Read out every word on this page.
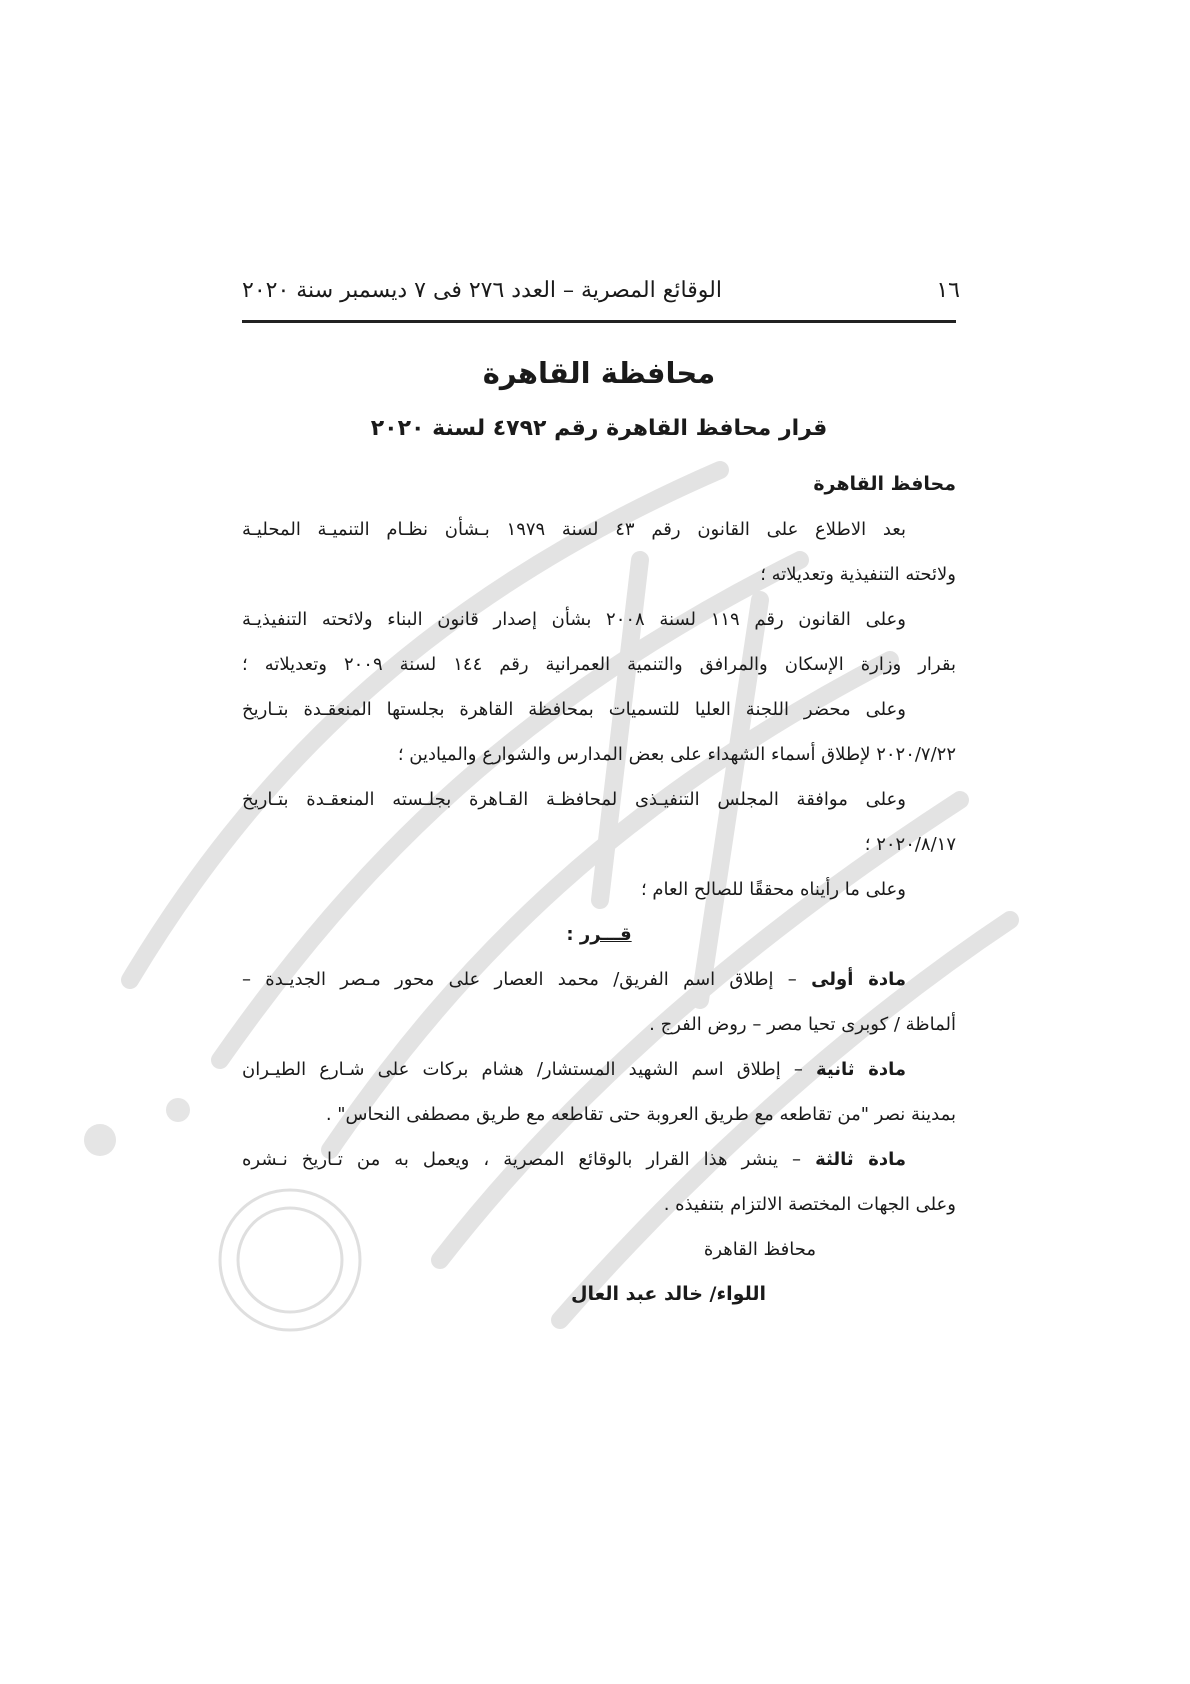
١٦
الوقائع المصرية – العدد ٢٧٦ فى ٧ ديسمبر سنة ٢٠٢٠
محافظة القاهرة
قرار محافظ القاهرة رقم ٤٧٩٢ لسنة ٢٠٢٠

محافظ القاهرة

بعد الاطلاع على القانون رقم ٤٣ لسنة ١٩٧٩ بـشأن نظـام التنميـة المحليـة

ولائحته التنفيذية وتعديلاته ؛

وعلى القانون رقم ١١٩ لسنة ٢٠٠٨ بشأن إصدار قانون البناء ولائحته التنفيذيـة

بقرار وزارة الإسكان والمرافق والتنمية العمرانية رقم ١٤٤ لسنة ٢٠٠٩ وتعديلاته ؛

وعلى محضر اللجنة العليا للتسميات بمحافظة القاهرة بجلستها المنعقـدة بتـاريخ

٢٠٢٠/٧/٢٢ لإطلاق أسماء الشهداء على بعض المدارس والشوارع والميادين ؛

وعلى موافقة المجلس التنفيـذى لمحافظـة القـاهرة بجلـسته المنعقـدة بتـاريخ

٢٠٢٠/٨/١٧ ؛

وعلى ما رأيناه محققًا للصالح العام ؛

قـــرر :

مادة أولى – إطلاق اسم الفريق/ محمد العصار على محور مـصر الجديـدة –

ألماظة / كوبرى تحيا مصر – روض الفرج .

مادة ثانية – إطلاق اسم الشهيد المستشار/ هشام بركات على شـارع الطيـران

بمدينة نصر "من تقاطعه مع طريق العروبة حتى تقاطعه مع طريق مصطفى النحاس" .

مادة ثالثة – ينشر هذا القرار بالوقائع المصرية ، ويعمل به من تـاريخ نـشره

وعلى الجهات المختصة الالتزام بتنفيذه .

محافظ القاهرة

اللواء/ خالد عبد العال
